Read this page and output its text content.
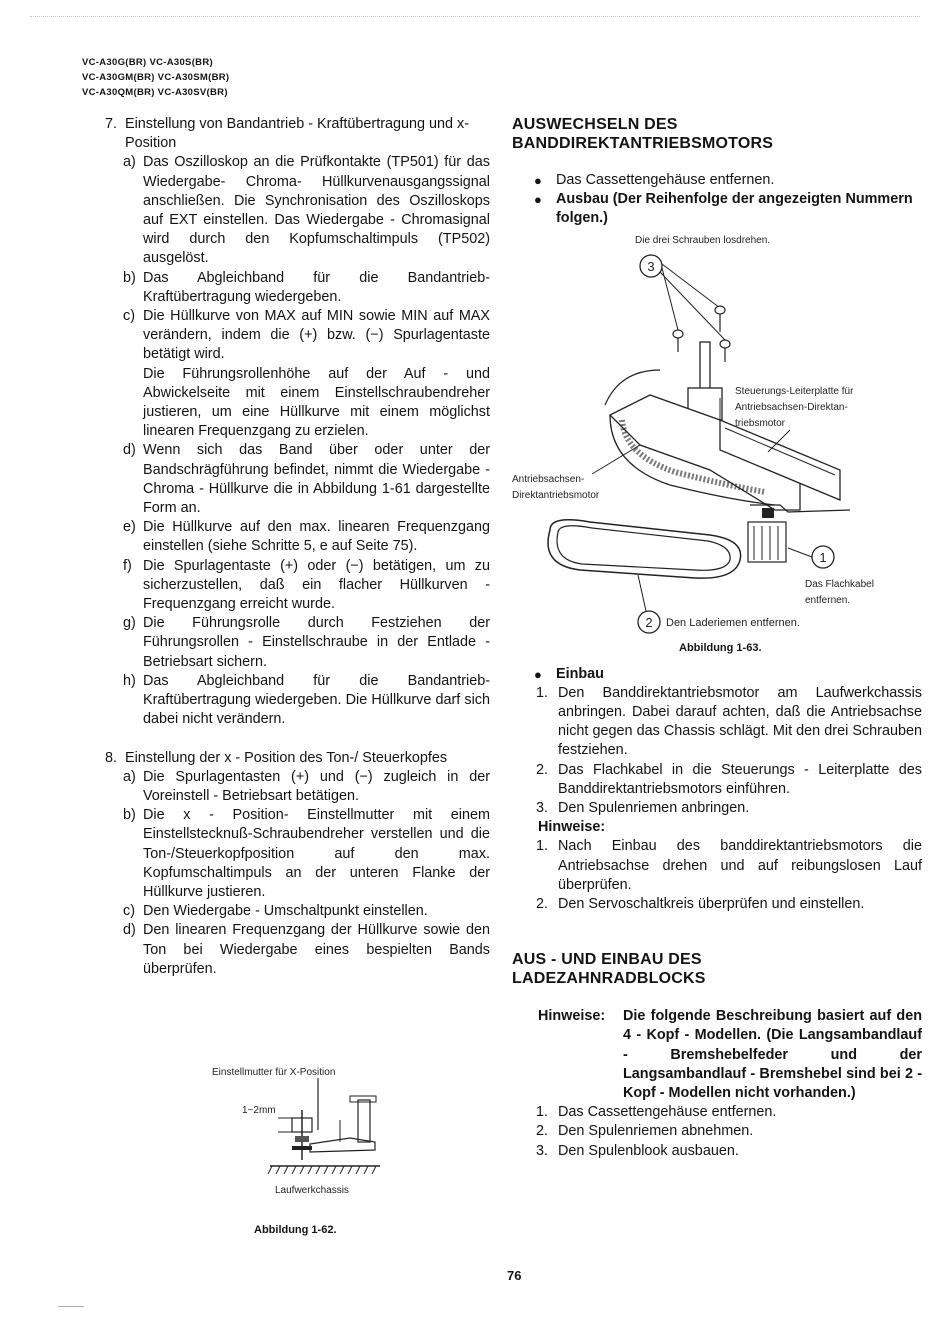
VC-A30G(BR) VC-A30S(BR)
VC-A30GM(BR) VC-A30SM(BR)
VC-A30QM(BR) VC-A30SV(BR)
7. Einstellung von Bandantrieb - Kraftübertragung und x-Position
a) Das Oszilloskop an die Prüfkontakte (TP501) für das Wiedergabe- Chroma- Hüllkurvenausgangssignal anschließen. Die Synchronisation des Oszilloskops auf EXT einstellen. Das Wiedergabe - Chromasignal wird durch den Kopfumschaltimpuls (TP502) ausgelöst.
b) Das Abgleichband für die Bandantrieb-Kraftübertragung wiedergeben.
c) Die Hüllkurve von MAX auf MIN sowie MIN auf MAX verändern, indem die (+) bzw. (−) Spurlagentaste betätigt wird.
Die Führungsrollenhöhe auf der Auf - und Abwickelseite mit einem Einstellschraubendreher justieren, um eine Hüllkurve mit einem möglichst linearen Frequenzgang zu erzielen.
d) Wenn sich das Band über oder unter der Bandschrägführung befindet, nimmt die Wiedergabe - Chroma - Hüllkurve die in Abbildung 1-61 dargestellte Form an.
e) Die Hüllkurve auf den max. linearen Frequenzgang einstellen (siehe Schritte 5, e auf Seite 75).
f) Die Spurlagentaste (+) oder (−) betätigen, um zu sicherzustellen, daß ein flacher Hüllkurven - Frequenzgang erreicht wurde.
g) Die Führungsrolle durch Festziehen der Führungsrollen - Einstellschraube in der Entlade - Betriebsart sichern.
h) Das Abgleichband für die Bandantrieb- Kraftübertragung wiedergeben. Die Hüllkurve darf sich dabei nicht verändern.
8. Einstellung der x - Position des Ton-/ Steuerkopfes
a) Die Spurlagentasten (+) und (−) zugleich in der Voreinstell - Betriebsart betätigen.
b) Die x - Position- Einstellmutter mit einem Einstellstecknuß-Schraubendreher verstellen und die Ton-/Steuerkopfposition auf den max. Kopfumschaltimpuls an der unteren Flanke der Hüllkurve justieren.
c) Den Wiedergabe - Umschaltpunkt einstellen.
d) Den linearen Frequenzgang der Hüllkurve sowie den Ton bei Wiedergabe eines bespielten Bands überprüfen.
Einstellmutter für X-Position
1~2mm
Laufwerkchassis
Abbildung 1-62.
AUSWECHSELN DES
BANDDIREKTANTRIEBSMOTORS
● Das Cassettengehäuse entfernen.
● Ausbau (Der Reihenfolge der angezeigten Nummern folgen.)
● Einbau
1. Den Banddirektantriebsmotor am Laufwerkchassis anbringen. Dabei darauf achten, daß die Antriebsachse nicht gegen das Chassis schlägt. Mit den drei Schrauben festziehen.
2. Das Flachkabel in die Steuerungs - Leiterplatte des Banddirektantriebsmotors einführen.
3. Den Spulenriemen anbringen.
Hinweise:
1. Nach Einbau des banddirektantriebsmotors die Antriebsachse drehen und auf reibungslosen Lauf überprüfen.
2. Den Servoschaltkreis überprüfen und einstellen.
AUS - UND EINBAU DES
LADEZAHNRADBLOCKS
Hinweise:	Die folgende Beschreibung basiert auf den 4 - Kopf - Modellen. (Die Langsambandlauf - Bremshebelfeder und der Langsambandlauf - Bremshebel sind bei 2 - Kopf - Modellen nicht vorhanden.)
1. Das Cassettengehäuse entfernen.
2. Den Spulenriemen abnehmen.
3. Den Spulenblook ausbauen.
Die drei Schrauben losdrehen.
3
Steuerungs-Leiterplatte für
Antriebsachsen-Direktan-
triebsmotor
Antriebsachsen-
Direktantriebsmotor
1
Das Flachkabel
entfernen.
2 Den Laderiemen entfernen.
Abbildung 1-63.
76
